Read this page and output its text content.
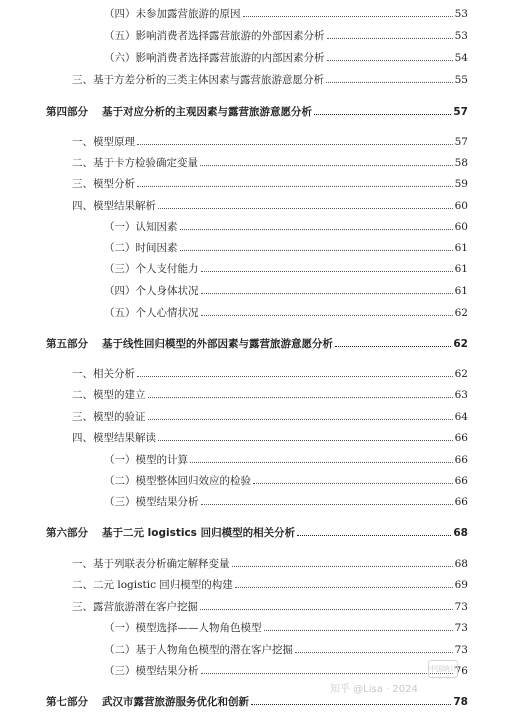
（四）未参加露营旅游的原因	53
（五）影响消费者选择露营旅游的外部因素分析	53
（六）影响消费者选择露营旅游的内部因素分析	54
三、基于方差分析的三类主体因素与露营旅游意愿分析	55
第四部分 基于对应分析的主观因素与露营旅游意愿分析	57
一、模型原理	57
二、基于卡方检验确定变量	58
三、模型分析	59
四、模型结果解析	60
（一）认知因素	60
（二）时间因素	61
（三）个人支付能力	61
（四）个人身体状况	61
（五）个人心情状况	62
第五部分 基于线性回归模型的外部因素与露营旅游意愿分析	62
一、相关分析	62
二、模型的建立	63
三、模型的验证	64
四、模型结果解读	66
（一）模型的计算	66
（二）模型整体回归效应的检验	66
（三）模型结果分析	66
第六部分 基于二元 logistics 回归模型的相关分析	68
一、基于列联表分析确定解释变量	68
二、二元 logistic 回归模型的构建	69
三、露营旅游潜在客户挖掘	73
（一）模型选择——人物角色模型	73
（二）基于人物角色模型的潜在客户挖掘	73
（三）模型结果分析	76
第七部分 武汉市露营旅游服务优化和创新	78
中国统计
知乎 @Lisa · 2024
